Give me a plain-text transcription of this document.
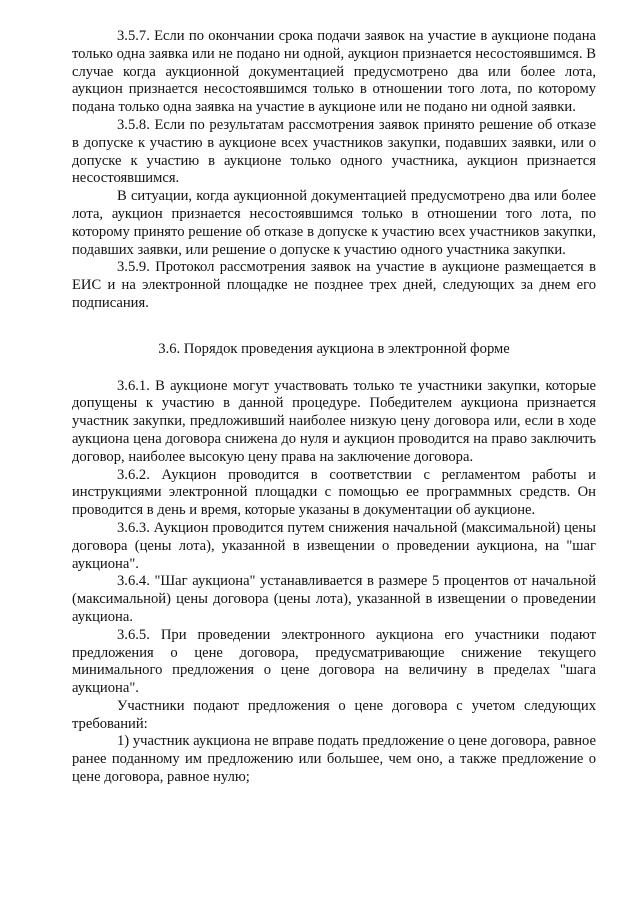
3.5.7. Если по окончании срока подачи заявок на участие в аукционе подана только одна заявка или не подано ни одной, аукцион признается несостоявшимся. В случае когда аукционной документацией предусмотрено два или более лота, аукцион признается несостоявшимся только в отношении того лота, по которому подана только одна заявка на участие в аукционе или не подано ни одной заявки.

3.5.8. Если по результатам рассмотрения заявок принято решение об отказе в допуске к участию в аукционе всех участников закупки, подавших заявки, или о допуске к участию в аукционе только одного участника, аукцион признается несостоявшимся.

В ситуации, когда аукционной документацией предусмотрено два или более лота, аукцион признается несостоявшимся только в отношении того лота, по которому принято решение об отказе в допуске к участию всех участников закупки, подавших заявки, или решение о допуске к участию одного участника закупки.

3.5.9. Протокол рассмотрения заявок на участие в аукционе размещается в ЕИС и на электронной площадке не позднее трех дней, следующих за днем его подписания.

3.6. Порядок проведения аукциона в электронной форме

3.6.1. В аукционе могут участвовать только те участники закупки, которые допущены к участию в данной процедуре. Победителем аукциона признается участник закупки, предложивший наиболее низкую цену договора или, если в ходе аукциона цена договора снижена до нуля и аукцион проводится на право заключить договор, наиболее высокую цену права на заключение договора.

3.6.2. Аукцион проводится в соответствии с регламентом работы и инструкциями электронной площадки с помощью ее программных средств. Он проводится в день и время, которые указаны в документации об аукционе.

3.6.3. Аукцион проводится путем снижения начальной (максимальной) цены договора (цены лота), указанной в извещении о проведении аукциона, на "шаг аукциона".

3.6.4. "Шаг аукциона" устанавливается в размере 5 процентов от начальной (максимальной) цены договора (цены лота), указанной в извещении о проведении аукциона.

3.6.5. При проведении электронного аукциона его участники подают предложения о цене договора, предусматривающие снижение текущего минимального предложения о цене договора на величину в пределах "шага аукциона".

Участники подают предложения о цене договора с учетом следующих требований:

1) участник аукциона не вправе подать предложение о цене договора, равное ранее поданному им предложению или большее, чем оно, а также предложение о цене договора, равное нулю;
